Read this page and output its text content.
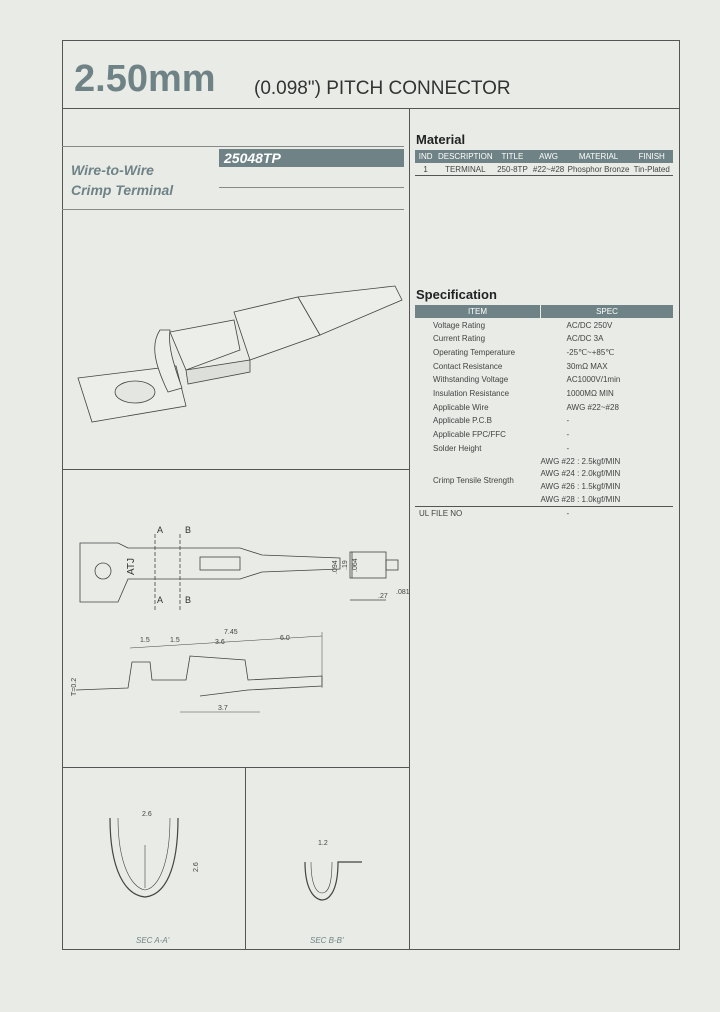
2.50mm (0.098") PITCH CONNECTOR
Wire-to-Wire
Crimp Terminal
25048TP
Material
IND	DESCRIPTION	TITLE	AWG	MATERIAL	FINISH
1	TERMINAL	250-8TP	#22~#28	Phosphor Bronze	Tin-Plated
Specification
ITEM	SPEC
Voltage Rating	AC/DC 250V
Current Rating	AC/DC 3A
Operating Temperature	-25℃~+85℃
Contact Resistance	30mΩ MAX
Withstanding Voltage	AC1000V/1min
Insulation Resistance	1000MΩ MIN
Applicable Wire	AWG #22~#28
Applicable P.C.B	-
Applicable FPC/FFC	-
Solder Height	-
Crimp Tensile Strength	AWG #22 : 2.5kgf/MIN
	AWG #24 : 2.0kgf/MIN
	AWG #26 : 1.5kgf/MIN
	AWG #28 : 1.0kgf/MIN
UL FILE NO	-
A B
A B
ATJ	.094 .19 .064
.27
.081
1.5	1.5
7.45
3.6
6.0
T=0.2
3.7
2.6
2.6
1.2
SEC A-A'	SEC B-B'
